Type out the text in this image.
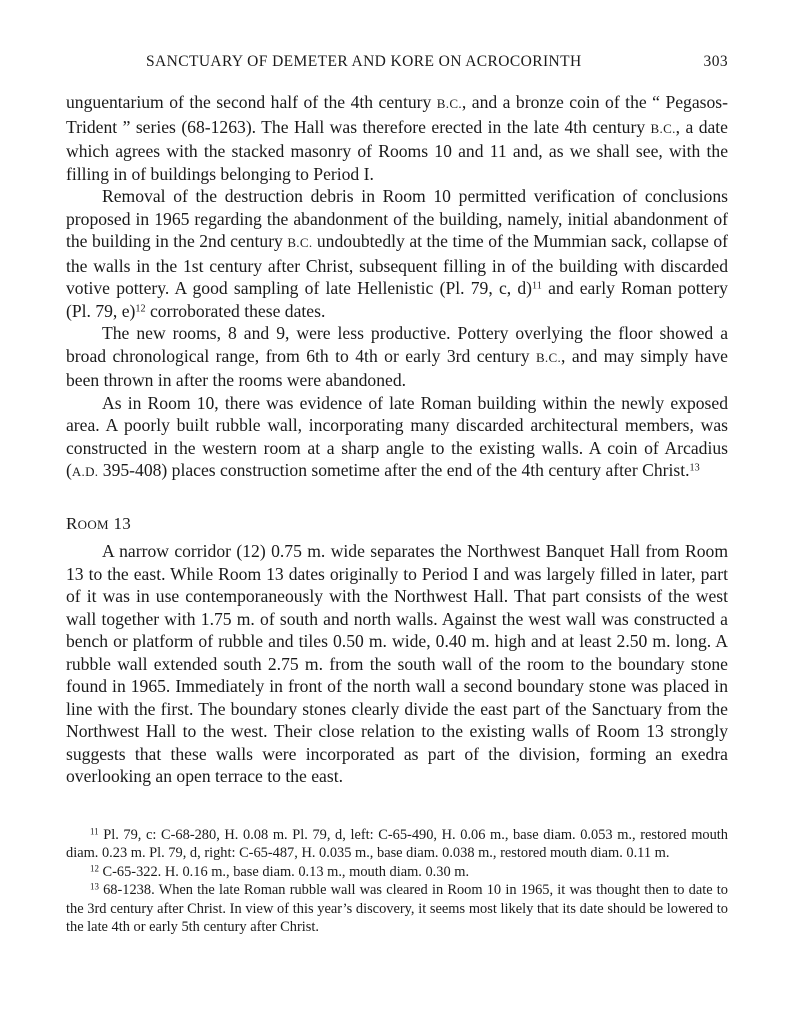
SANCTUARY OF DEMETER AND KORE ON ACROCORINTH	303

unguentarium of the second half of the 4th century B.C., and a bronze coin of the “ Pegasos-Trident ” series (68-1263). The Hall was therefore erected in the late 4th century B.C., a date which agrees with the stacked masonry of Rooms 10 and 11 and, as we shall see, with the filling in of buildings belonging to Period I.

Removal of the destruction debris in Room 10 permitted verification of conclusions proposed in 1965 regarding the abandonment of the building, namely, initial abandonment of the building in the 2nd century B.C. undoubtedly at the time of the Mummian sack, collapse of the walls in the 1st century after Christ, subsequent filling in of the building with discarded votive pottery. A good sampling of late Hellenistic (Pl. 79, c, d)$^{11}$ and early Roman pottery (Pl. 79, e)$^{12}$ corroborated these dates.

The new rooms, 8 and 9, were less productive. Pottery overlying the floor showed a broad chronological range, from 6th to 4th or early 3rd century B.C., and may simply have been thrown in after the rooms were abandoned.

As in Room 10, there was evidence of late Roman building within the newly exposed area. A poorly built rubble wall, incorporating many discarded architectural members, was constructed in the western room at a sharp angle to the existing walls. A coin of Arcadius (A.D. 395-408) places construction sometime after the end of the 4th century after Christ.$^{13}$

ROOM 13

A narrow corridor (12) 0.75 m. wide separates the Northwest Banquet Hall from Room 13 to the east. While Room 13 dates originally to Period I and was largely filled in later, part of it was in use contemporaneously with the Northwest Hall. That part consists of the west wall together with 1.75 m. of south and north walls. Against the west wall was constructed a bench or platform of rubble and tiles 0.50 m. wide, 0.40 m. high and at least 2.50 m. long. A rubble wall extended south 2.75 m. from the south wall of the room to the boundary stone found in 1965. Immediately in front of the north wall a second boundary stone was placed in line with the first. The boundary stones clearly divide the east part of the Sanctuary from the Northwest Hall to the west. Their close relation to the existing walls of Room 13 strongly suggests that these walls were incorporated as part of the division, forming an exedra overlooking an open terrace to the east.

$^{11}$ Pl. 79, c: C-68-280, H. 0.08 m. Pl. 79, d, left: C-65-490, H. 0.06 m., base diam. 0.053 m., restored mouth diam. 0.23 m. Pl. 79, d, right: C-65-487, H. 0.035 m., base diam. 0.038 m., restored mouth diam. 0.11 m.

$^{12}$ C-65-322. H. 0.16 m., base diam. 0.13 m., mouth diam. 0.30 m.

$^{13}$ 68-1238. When the late Roman rubble wall was cleared in Room 10 in 1965, it was thought then to date to the 3rd century after Christ. In view of this year’s discovery, it seems most likely that its date should be lowered to the late 4th or early 5th century after Christ.
